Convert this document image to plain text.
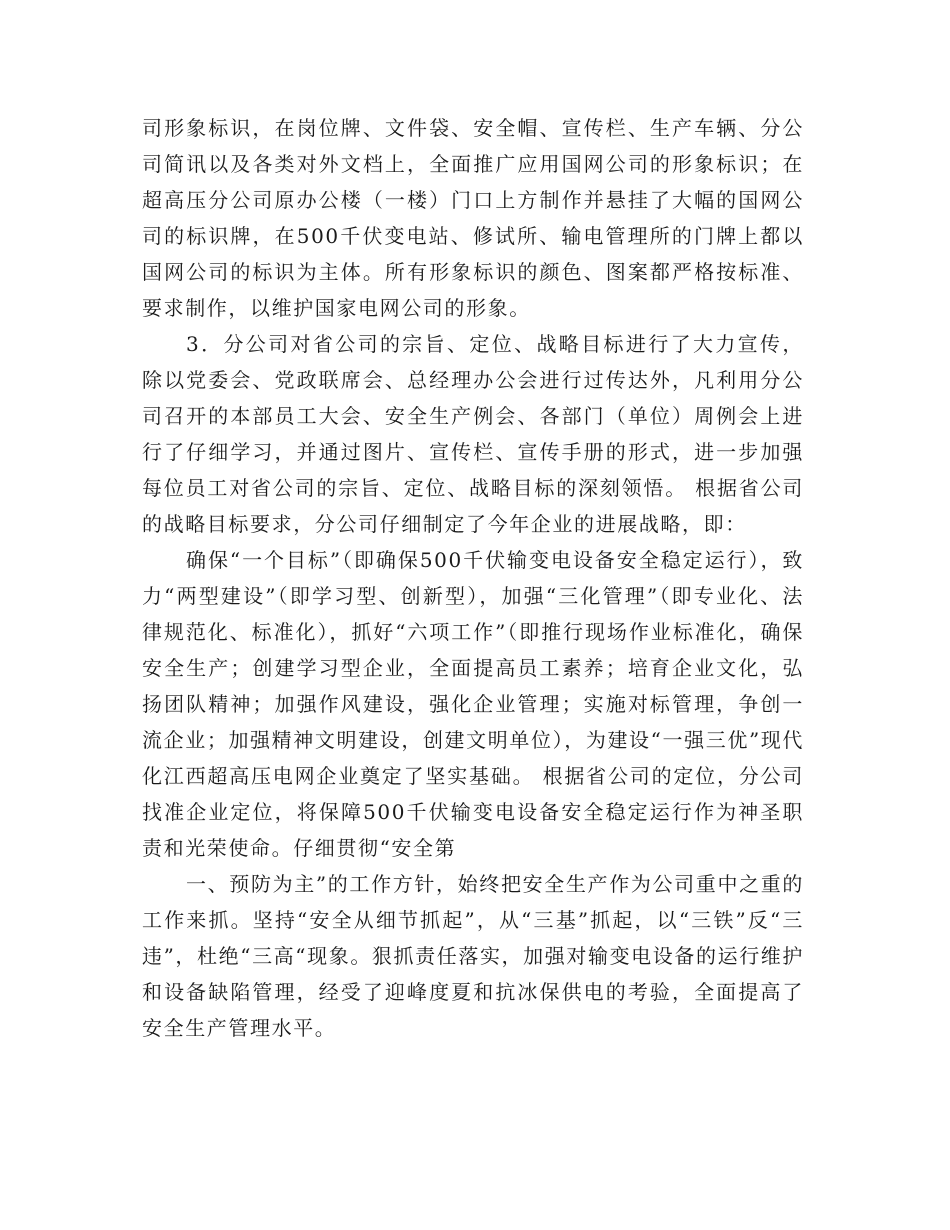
司形象标识，在岗位牌、文件袋、安全帽、宣传栏、生产车辆、分公司简讯以及各类对外文档上，全面推广应用国网公司的形象标识；在超高压分公司原办公楼（一楼）门口上方制作并悬挂了大幅的国网公司的标识牌，在500千伏变电站、修试所、输电管理所的门牌上都以国网公司的标识为主体。所有形象标识的颜色、图案都严格按标准、要求制作，以维护国家电网公司的形象。

3．分公司对省公司的宗旨、定位、战略目标进行了大力宣传，除以党委会、党政联席会、总经理办公会进行过传达外，凡利用分公司召开的本部员工大会、安全生产例会、各部门（单位）周例会上进行了仔细学习，并通过图片、宣传栏、宣传手册的形式，进一步加强每位员工对省公司的宗旨、定位、战略目标的深刻领悟。 根据省公司的战略目标要求，分公司仔细制定了今年企业的进展战略，即：

确保“一个目标”（即确保500千伏输变电设备安全稳定运行），致力“两型建设”（即学习型、创新型），加强“三化管理”（即专业化、法律规范化、标准化），抓好“六项工作”（即推行现场作业标准化，确保安全生产；创建学习型企业，全面提高员工素养；培育企业文化，弘扬团队精神；加强作风建设，强化企业管理；实施对标管理，争创一流企业；加强精神文明建设，创建文明单位），为建设“一强三优”现代化江西超高压电网企业奠定了坚实基础。 根据省公司的定位，分公司找准企业定位，将保障500千伏输变电设备安全稳定运行作为神圣职责和光荣使命。仔细贯彻“安全第

一、预防为主”的工作方针，始终把安全生产作为公司重中之重的工作来抓。坚持“安全从细节抓起”，从“三基”抓起，以“三铁”反“三违”，杜绝“三高“现象。狠抓责任落实，加强对输变电设备的运行维护和设备缺陷管理，经受了迎峰度夏和抗冰保供电的考验，全面提高了安全生产管理水平。
